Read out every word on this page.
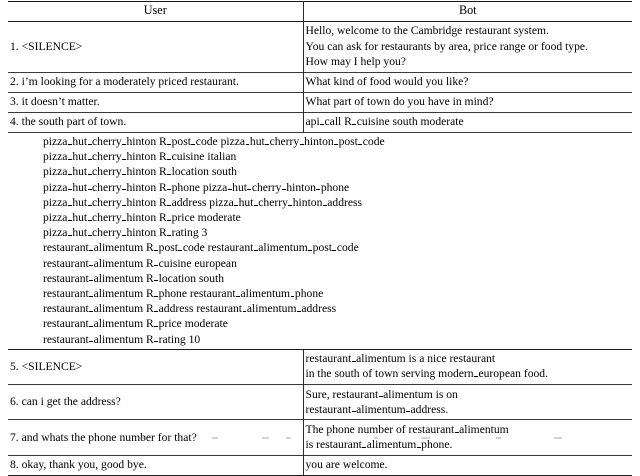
User	Bot

1. <SILENCE>	Hello, welcome to the Cambridge restaurant system.
You can ask for restaurants by area, price range or food type.
How may I help you?

2. i’m looking for a moderately priced restaurant.	What kind of food would you like?

3. it doesn’t matter.	What part of town do you have in mind?

4. the south part of town.	api call R cuisine south moderate

pizza hut cherry hinton R post code pizza hut cherry hinton post code
pizza hut cherry hinton R cuisine italian
pizza hut cherry hinton R location south
pizza hut cherry hinton R phone pizza hut cherry hinton phone
pizza hut cherry hinton R address pizza hut cherry hinton address
pizza hut cherry hinton R price moderate
pizza hut cherry hinton R rating 3
restaurant alimentum R post code restaurant alimentum post code
restaurant alimentum R cuisine european
restaurant alimentum R location south
restaurant alimentum R phone restaurant alimentum phone
restaurant alimentum R address restaurant alimentum address
restaurant alimentum R price moderate
restaurant alimentum R rating 10

5. <SILENCE>	restaurant alimentum is a nice restaurant
in the south of town serving modern european food.

6. can i get the address?	Sure, restaurant alimentum is on
restaurant alimentum address.

7. and whats the phone number for that?	The phone number of restaurant alimentum
is restaurant alimentum phone.

8. okay, thank you, good bye.	you are welcome.
